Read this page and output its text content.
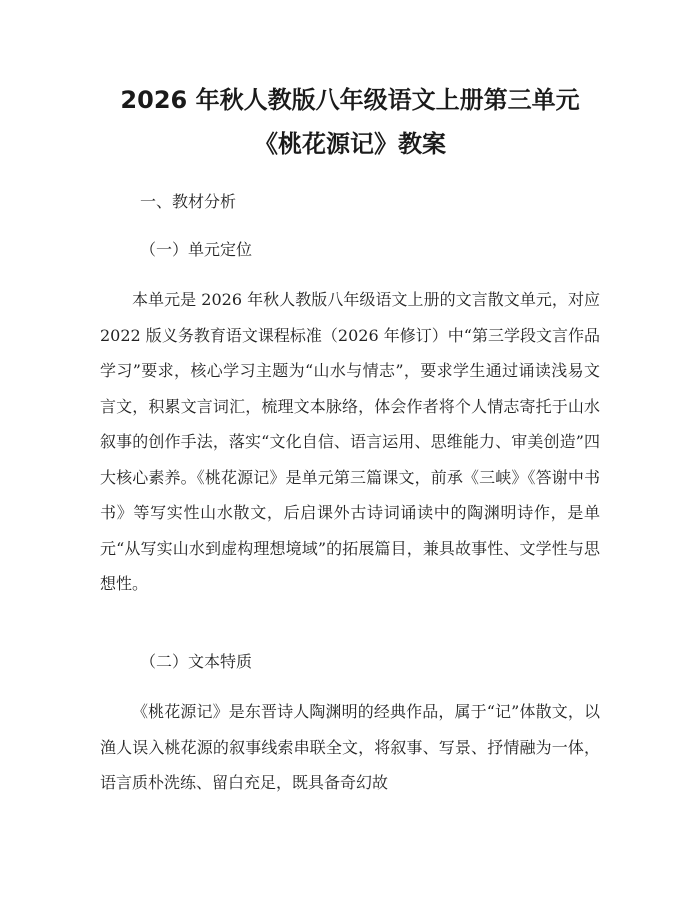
2026 年秋人教版八年级语文上册第三单元
《桃花源记》教案
一、教材分析
（一）单元定位
本单元是 2026 年秋人教版八年级语文上册的文言散文单元，对应 2022 版义务教育语文课程标准（2026 年修订）中“第三学段文言作品学习”要求，核心学习主题为“山水与情志”，要求学生通过诵读浅易文言文，积累文言词汇，梳理文本脉络，体会作者将个人情志寄托于山水叙事的创作手法，落实“文化自信、语言运用、思维能力、审美创造”四大核心素养。《桃花源记》是单元第三篇课文，前承《三峡》《答谢中书书》等写实性山水散文，后启课外古诗词诵读中的陶渊明诗作，是单元“从写实山水到虚构理想境域”的拓展篇目，兼具故事性、文学性与思想性。
（二）文本特质
《桃花源记》是东晋诗人陶渊明的经典作品，属于“记”体散文，以渔人误入桃花源的叙事线索串联全文，将叙事、写景、抒情融为一体，语言质朴洗练、留白充足，既具备奇幻故
